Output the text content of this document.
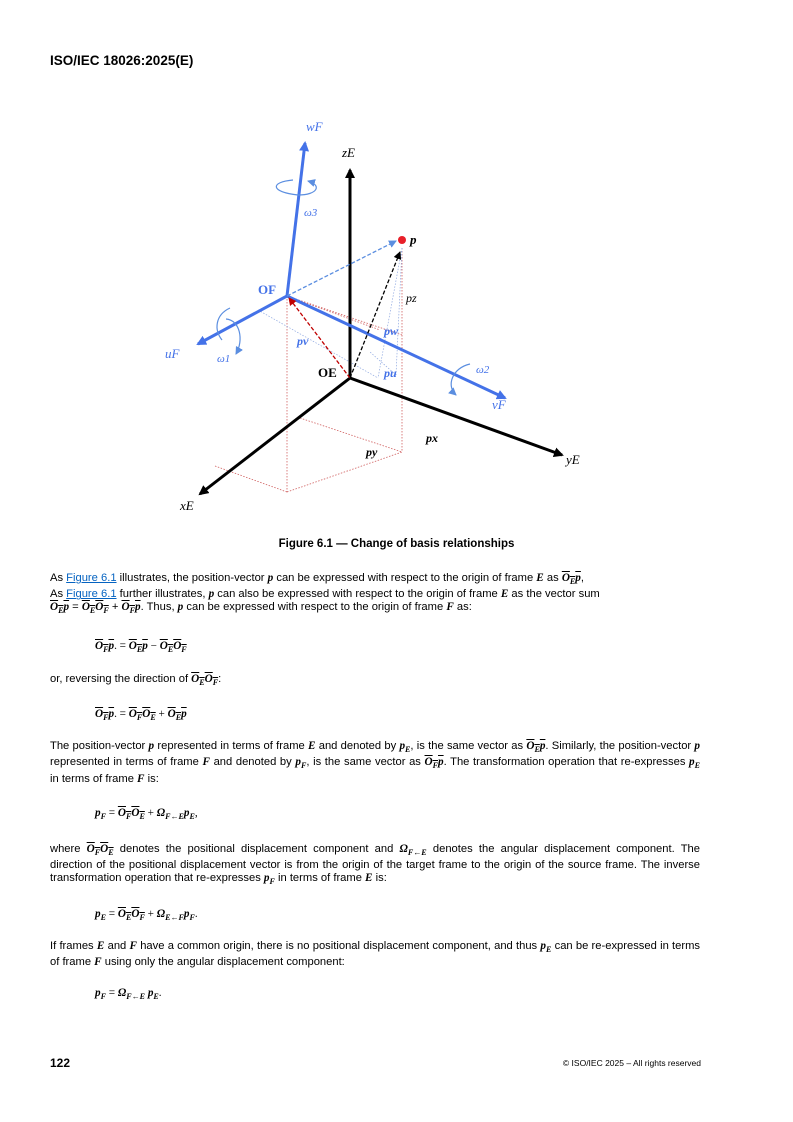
ISO/IEC 18026:2025(E)
wF
zE
ω3
p
OF
pz
uF	ω1
pv
pw
OE	pu	ω2
vF
px
py	yE
xE
Figure 6.1 — Change of basis relationships
As Figure 6.1 illustrates, the position-vector p can be expressed with respect to the origin of frame E as $O_Ep$,
As Figure 6.1 further illustrates, p can also be expressed with respect to the origin of frame E as the vector sum
$O_Ep = O_EO_F + O_Fp$. Thus, p can be expressed with respect to the origin of frame F as:
$O_Fp$. = $O_Ep - O_EO_F$
or, reversing the direction of $O_EO_F$:
$O_Fp$. = $O_FO_E + O_Ep$
The position-vector p represented in terms of frame E and denoted by $p_E$, is the same vector as $O_Ep$. Similarly, the position-vector p represented in terms of frame F and denoted by $p_F$, is the same vector as $O_Fp$. The transformation operation that re-expresses $p_E$ in terms of frame F is:
$p_F = O_FO_E + \Omega_{F\leftarrow E}p_E$,
where $O_FO_E$ denotes the positional displacement component and $\Omega_{F\leftarrow E}$ denotes the angular displacement component. The direction of the positional displacement vector is from the origin of the target frame to the origin of the source frame. The inverse transformation operation that re-expresses $p_F$ in terms of frame E is:
$p_E = O_EO_F + \Omega_{E\leftarrow F}p_F$.
If frames E and F have a common origin, there is no positional displacement component, and thus $p_E$ can be re-expressed in terms of frame F using only the angular displacement component:
$p_F = \Omega_{F\leftarrow E}$ $p_E$.
122	© ISO/IEC 2025 – All rights reserved
